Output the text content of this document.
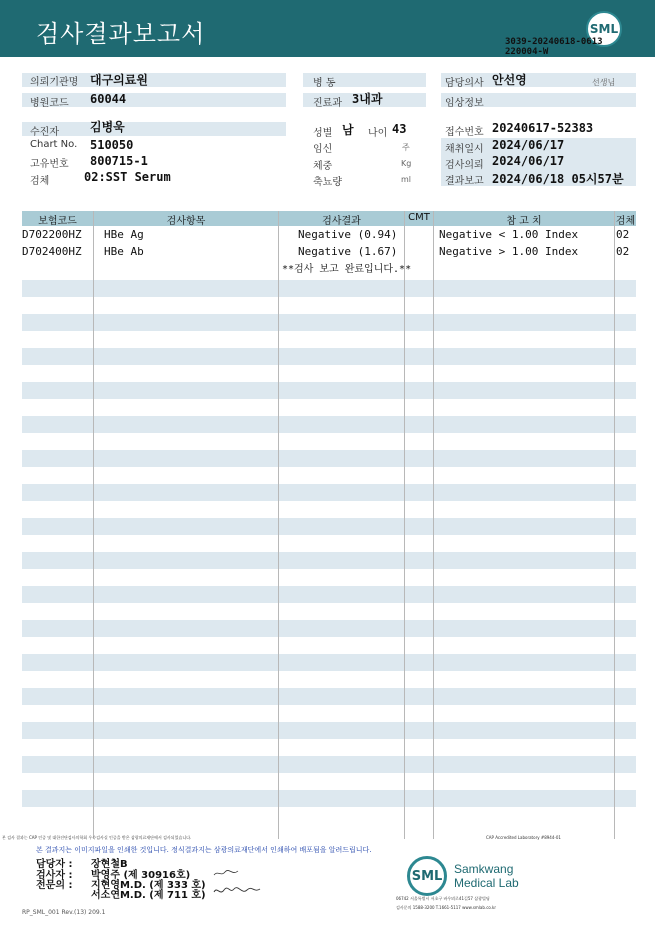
검사결과보고서	SML
3039-20240618-0613
220004-W
의뢰기관명 대구의료원
병원코드 60044
수진자	김병욱
Chart No. 510050
고유번호 800715-1
검체	02:SST Serum
병 동
진료과 3내과
성별 남 나이 43
임신	주
체중	Kg
축뇨량	ml
담당의사 안선영	선생님
임상정보
접수번호 20240617-52383
채취일시 2024/06/17
검사의뢰 2024/06/17
결과보고 2024/06/18 05시57분
보험코드	검사항목	검사결과	CMT	참 고 치	검체
D702200HZ HBe Ag	Negative (0.94)	Negative < 1.00 Index	02
D702400HZ HBe Ab	Negative (1.67)	Negative > 1.00 Index	02
**검사 보고 완료입니다.**
본 검사 결과는 CAP 인증 및 대한진단검사의학회 우수검사실 인증을 받은 삼광의료재단에서 검사되었습니다.	CAP Accredited Laboratory #8944-01
본 결과지는 이미지파일을 인쇄한 것입니다. 정식결과지는 삼광의료재단에서 인쇄하여 배포됨을 알려드립니다.
담당자 : 장현철B
검사자 : 박영주 (제 30916호)
전문의 : 지현영M.D. (제 333 호)
서소연M.D. (제 711 호)
RP_SML_001 Rev.(13) 209.1
SML Samkwang
Medical Lab
06742 서울특별시 서초구 바우뫼로41길57 삼광빌딩
검사문의 1588-3200 T.1661-5117 www.smlab.co.kr
